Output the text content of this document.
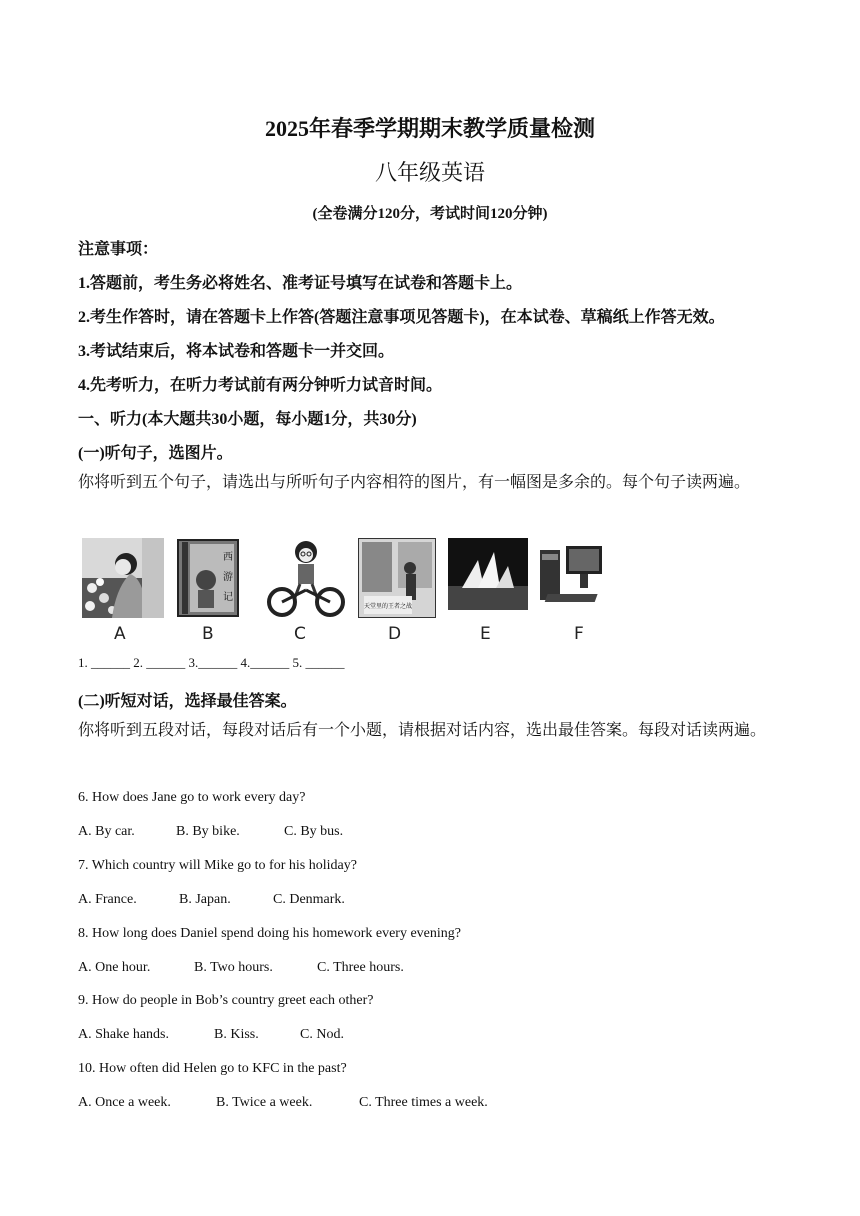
2025年春季学期期末教学质量检测
八年级英语
(全卷满分120分，考试时间120分钟)
注意事项：
1.答题前，考生务必将姓名、准考证号填写在试卷和答题卡上。
2.考生作答时，请在答题卡上作答(答题注意事项见答题卡)，在本试卷、草稿纸上作答无效。
3.考试结束后，将本试卷和答题卡一并交回。
4.先考听力，在听力考试前有两分钟听力试音时间。
一、听力(本大题共30小题，每小题1分，共30分)
(一)听句子，选图片。
你将听到五个句子，请选出与所听句子内容相符的图片，有一幅图是多余的。每个句子读两遍。
A
西
游
记
B	C
天堂里的王者之战
D	E	F
1. ______ 2. ______ 3.______ 4.______ 5. ______
(二)听短对话，选择最佳答案。
你将听到五段对话，每段对话后有一个小题，请根据对话内容，选出最佳答案。每段对话读两遍。
6. How does Jane go to work every day?
A. By car.	B. By bike.	C. By bus.
7. Which country will Mike go to for his holiday?
A. France.	B. Japan.	C. Denmark.
8. How long does Daniel spend doing his homework every evening?
A. One hour.	B. Two hours.	C. Three hours.
9. How do people in Bob’s country greet each other?
A. Shake hands.	B. Kiss.	C. Nod.
10. How often did Helen go to KFC in the past?
A. Once a week.	B. Twice a week.	C. Three times a week.
